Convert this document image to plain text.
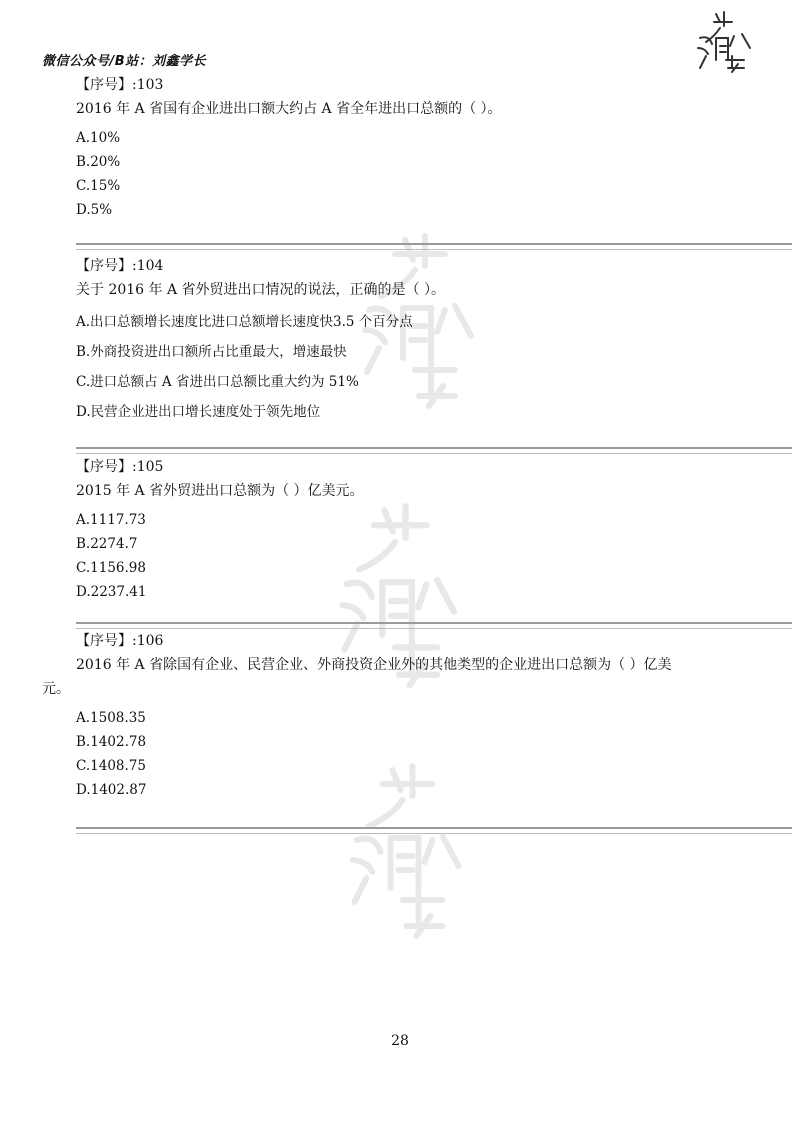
微信公众号/B站：刘鑫学长
【序号】:103
2016 年 A 省国有企业进出口额大约占 A 省全年进出口总额的（ ）。
A.10%
B.20%
C.15%
D.5%
【序号】:104
关于 2016 年 A 省外贸进出口情况的说法，正确的是（ ）。
A.出口总额增长速度比进口总额增长速度快3.5 个百分点
B.外商投资进出口额所占比重最大，增速最快
C.进口总额占 A 省进出口总额比重大约为 51%
D.民营企业进出口增长速度处于领先地位
【序号】:105
2015 年 A 省外贸进出口总额为（ ）亿美元。
A.1117.73
B.2274.7
C.1156.98
D.2237.41
【序号】:106
2016 年 A 省除国有企业、民营企业、外商投资企业外的其他类型的企业进出口总额为（ ）亿美
元。
A.1508.35
B.1402.78
C.1408.75
D.1402.87
28
